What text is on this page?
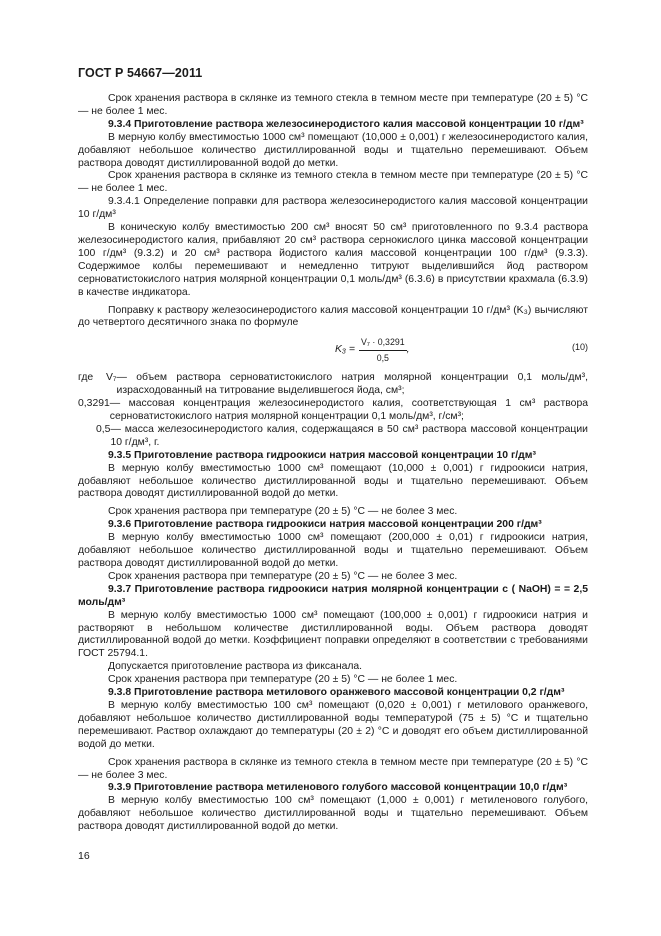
ГОСТ Р 54667—2011

Срок хранения раствора в склянке из темного стекла в темном месте при температуре (20 ± 5) °С — не более 1 мес.

9.3.4 Приготовление раствора железосинеродистого калия массовой концентрации 10 г/дм³

В мерную колбу вместимостью 1000 см³ помещают (10,000 ± 0,001) г железосинеродистого калия, добавляют небольшое количество дистиллированной воды и тщательно перемешивают. Объем раствора доводят дистиллированной водой до метки.

Срок хранения раствора в склянке из темного стекла в темном месте при температуре (20 ± 5) °С — не более 1 мес.

9.3.4.1 Определение поправки для раствора железосинеродистого калия массовой концентрации 10 г/дм³

В коническую колбу вместимостью 200 см³ вносят 50 см³ приготовленного по 9.3.4 раствора железосинеродистого калия, прибавляют 20 см³ раствора сернокислого цинка массовой концентрации 100 г/дм³ (9.3.2) и 20 см³ раствора йодистого калия массовой концентрации 100 г/дм³ (9.3.3). Содержимое колбы перемешивают и немедленно титруют выделившийся йод раствором серноватистокислого натрия молярной концентрации 0,1 моль/дм³ (6.3.6) в присутствии крахмала (6.3.9) в качестве индикатора.

Поправку к раствору железосинеродистого калия массовой концентрации 10 г/дм³ (K₃) вычисляют до четвертого десятичного знака по формуле

$K_3 = \frac{\text{V₇ · 0,3291}}{0,5}$ ,	(10)

где	V₇ — объем раствора серноватистокислого натрия молярной концентрации 0,1 моль/дм³, израсходованный на титрование выделившегося йода, см³;

0,3291 — массовая концентрация железосинеродистого калия, соответствующая 1 см³ раствора серноватистокислого натрия молярной концентрации 0,1 моль/дм³, г/см³;

0,5 — масса железосинеродистого калия, содержащаяся в 50 см³ раствора массовой концентрации 10 г/дм³, г.

9.3.5 Приготовление раствора гидроокиси натрия массовой концентрации 10 г/дм³

В мерную колбу вместимостью 1000 см³ помещают (10,000 ± 0,001) г гидроокиси натрия, добавляют небольшое количество дистиллированной воды и тщательно перемешивают. Объем раствора доводят дистиллированной водой до метки.

Срок хранения раствора при температуре (20 ± 5) °С — не более 3 мес.

9.3.6 Приготовление раствора гидроокиси натрия массовой концентрации 200 г/дм³

В мерную колбу вместимостью 1000 см³ помещают (200,000 ± 0,01) г гидроокиси натрия, добавляют небольшое количество дистиллированной воды и тщательно перемешивают. Объем раствора доводят дистиллированной водой до метки.

Срок хранения раствора при температуре (20 ± 5) °С — не более 3 мес.

9.3.7 Приготовление раствора гидроокиси натрия молярной концентрации c ( NaOH) = = 2,5 моль/дм³

В мерную колбу вместимостью 1000 см³ помещают (100,000 ± 0,001) г гидроокиси натрия и растворяют в небольшом количестве дистиллированной воды. Объем раствора доводят дистиллированной водой до метки. Коэффициент поправки определяют в соответствии с требованиями ГОСТ 25794.1.

Допускается приготовление раствора из фиксанала.

Срок хранения раствора при температуре (20 ± 5) °С — не более 1 мес.

9.3.8 Приготовление раствора метилового оранжевого массовой концентрации 0,2 г/дм³

В мерную колбу вместимостью 100 см³ помещают (0,020 ± 0,001) г метилового оранжевого, добавляют небольшое количество дистиллированной воды температурой (75 ± 5) °С и тщательно перемешивают. Раствор охлаждают до температуры (20 ± 2) °С и доводят его объем дистиллированной водой до метки.

Срок хранения раствора в склянке из темного стекла в темном месте при температуре (20 ± 5) °С — не более 3 мес.

9.3.9 Приготовление раствора метиленового голубого массовой концентрации 10,0 г/дм³

В мерную колбу вместимостью 100 см³ помещают (1,000 ± 0,001) г метиленового голубого, добавляют небольшое количество дистиллированной воды и тщательно перемешивают. Объем раствора доводят дистиллированной водой до метки.

16
